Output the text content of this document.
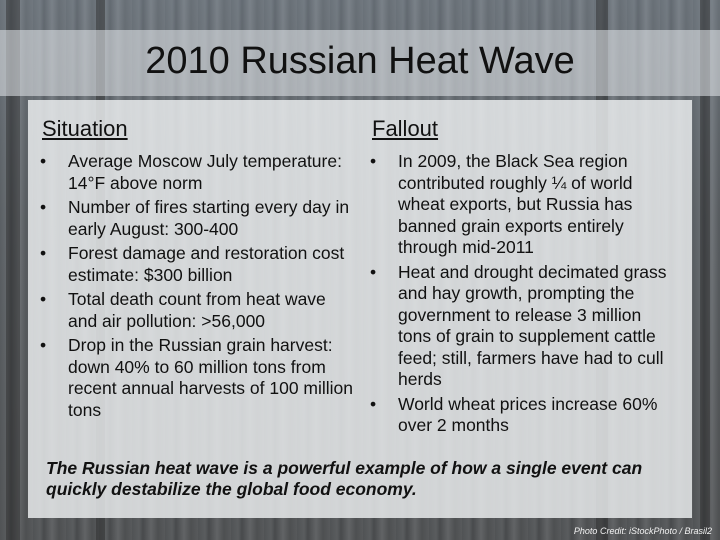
2010 Russian Heat Wave
Situation	Fallout
• Average Moscow July temperature: 14°F above norm
• Number of fires starting every day in early August: 300-400
• Forest damage and restoration cost estimate: $300 billion
• Total death count from heat wave and air pollution: >56,000
• Drop in the Russian grain harvest: down 40% to 60 million tons from recent annual harvests of 100 million tons
• In 2009, the Black Sea region contributed roughly ¼ of world wheat exports, but Russia has banned grain exports entirely through mid-2011
• Heat and drought decimated grass and hay growth, prompting the government to release 3 million tons of grain to supplement cattle feed; still, farmers have had to cull herds
• World wheat prices increase 60% over 2 months
The Russian heat wave is a powerful example of how a single event can quickly destabilize the global food economy.
Photo Credit: iStockPhoto / Brasil2
